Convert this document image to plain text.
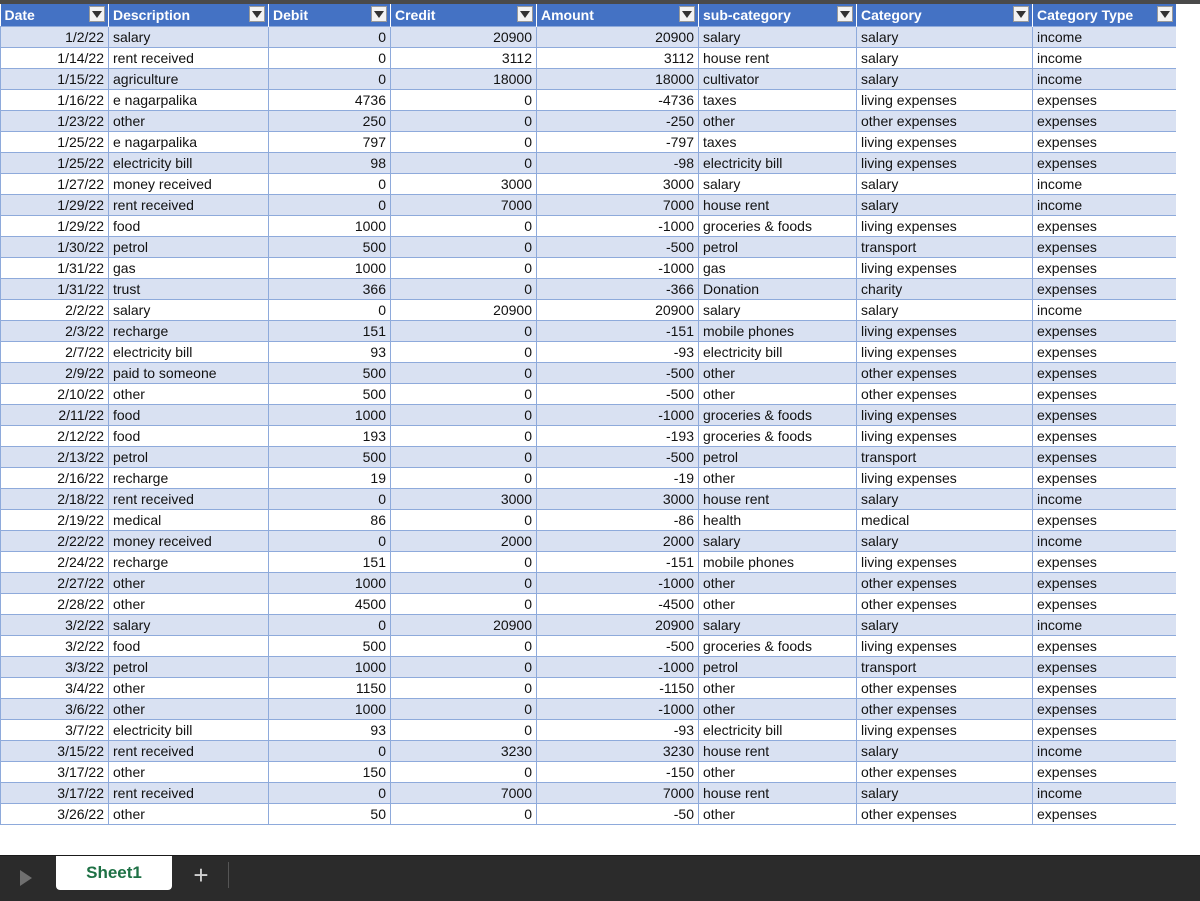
Date	Description	Debit	Credit	Amount	sub-category	Category	Category Type

1/2/22	salary	0	20900	20900	salary	salary	income
1/14/22	rent received	0	3112	3112	house rent	salary	income
1/15/22	agriculture	0	18000	18000	cultivator	salary	income
1/16/22	e nagarpalika	4736	0	-4736	taxes	living expenses	expenses
1/23/22	other	250	0	-250	other	other expenses	expenses
1/25/22	e nagarpalika	797	0	-797	taxes	living expenses	expenses
1/25/22	electricity bill	98	0	-98	electricity bill	living expenses	expenses
1/27/22	money received	0	3000	3000	salary	salary	income
1/29/22	rent received	0	7000	7000	house rent	salary	income
1/29/22	food	1000	0	-1000	groceries & foods	living expenses	expenses
1/30/22	petrol	500	0	-500	petrol	transport	expenses
1/31/22	gas	1000	0	-1000	gas	living expenses	expenses
1/31/22	trust	366	0	-366	Donation	charity	expenses
2/2/22	salary	0	20900	20900	salary	salary	income
2/3/22	recharge	151	0	-151	mobile phones	living expenses	expenses
2/7/22	electricity bill	93	0	-93	electricity bill	living expenses	expenses
2/9/22	paid to someone	500	0	-500	other	other expenses	expenses
2/10/22	other	500	0	-500	other	other expenses	expenses
2/11/22	food	1000	0	-1000	groceries & foods	living expenses	expenses
2/12/22	food	193	0	-193	groceries & foods	living expenses	expenses
2/13/22	petrol	500	0	-500	petrol	transport	expenses
2/16/22	recharge	19	0	-19	other	living expenses	expenses
2/18/22	rent received	0	3000	3000	house rent	salary	income
2/19/22	medical	86	0	-86	health	medical	expenses
2/22/22	money received	0	2000	2000	salary	salary	income
2/24/22	recharge	151	0	-151	mobile phones	living expenses	expenses
2/27/22	other	1000	0	-1000	other	other expenses	expenses
2/28/22	other	4500	0	-4500	other	other expenses	expenses
3/2/22	salary	0	20900	20900	salary	salary	income
3/2/22	food	500	0	-500	groceries & foods	living expenses	expenses
3/3/22	petrol	1000	0	-1000	petrol	transport	expenses
3/4/22	other	1150	0	-1150	other	other expenses	expenses
3/6/22	other	1000	0	-1000	other	other expenses	expenses
3/7/22	electricity bill	93	0	-93	electricity bill	living expenses	expenses
3/15/22	rent received	0	3230	3230	house rent	salary	income
3/17/22	other	150	0	-150	other	other expenses	expenses
3/17/22	rent received	0	7000	7000	house rent	salary	income
3/26/22	other	50	0	-50	other	other expenses	expenses
Sheet1 +
